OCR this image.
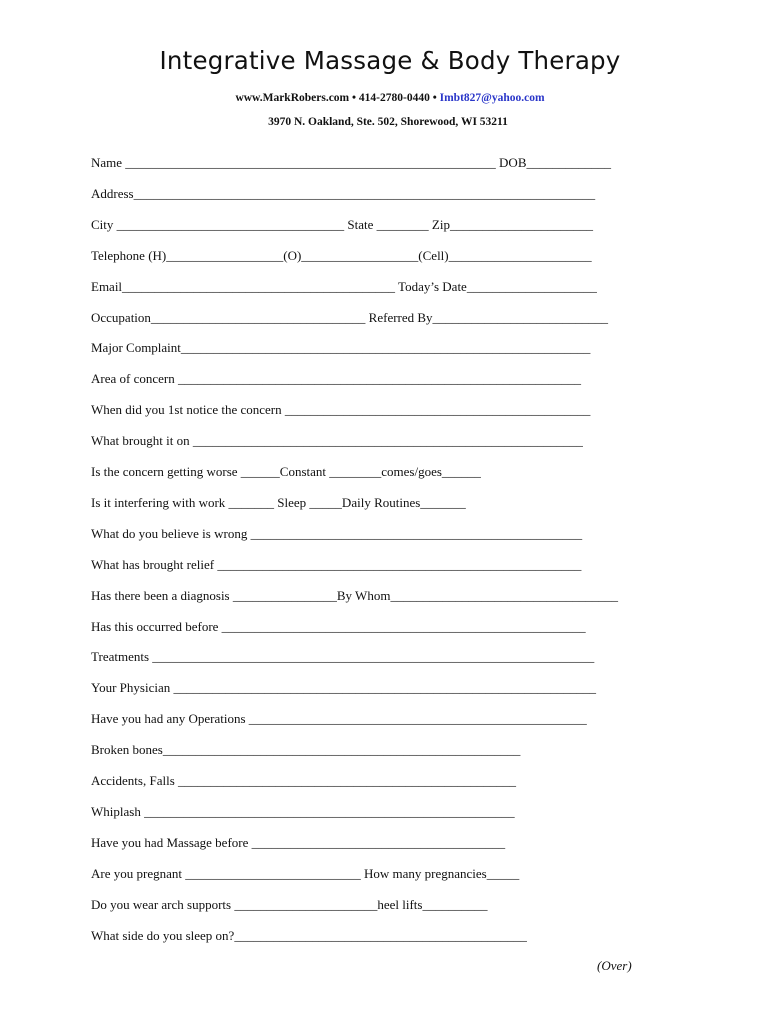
Integrative Massage & Body Therapy
www.MarkRobers.com • 414-2780-0440 • Imbt827@yahoo.com
3970 N. Oakland, Ste. 502, Shorewood, WI 53211
Name _________________________________________________________ DOB_____________
Address_______________________________________________________________________
City ___________________________________ State ________ Zip______________________
Telephone (H)__________________(O)__________________(Cell)______________________
Email__________________________________________ Today’s Date____________________
Occupation_________________________________ Referred By___________________________
Major Complaint_______________________________________________________________
Area of concern ______________________________________________________________
When did you 1st notice the concern _______________________________________________
What brought it on ____________________________________________________________
Is the concern getting worse ______Constant ________comes/goes______
Is it interfering with work _______ Sleep _____Daily Routines_______
What do you believe is wrong ___________________________________________________
What has brought relief ________________________________________________________
Has there been a diagnosis ________________By Whom___________________________________
Has this occurred before ________________________________________________________
Treatments ____________________________________________________________________
Your Physician _________________________________________________________________
Have you had any Operations ____________________________________________________
Broken bones_______________________________________________________
Accidents, Falls ____________________________________________________
Whiplash _________________________________________________________
Have you had Massage before _______________________________________
Are you pregnant ___________________________ How many pregnancies_____
Do you wear arch supports ______________________heel lifts__________
What side do you sleep on?_____________________________________________
(Over)
